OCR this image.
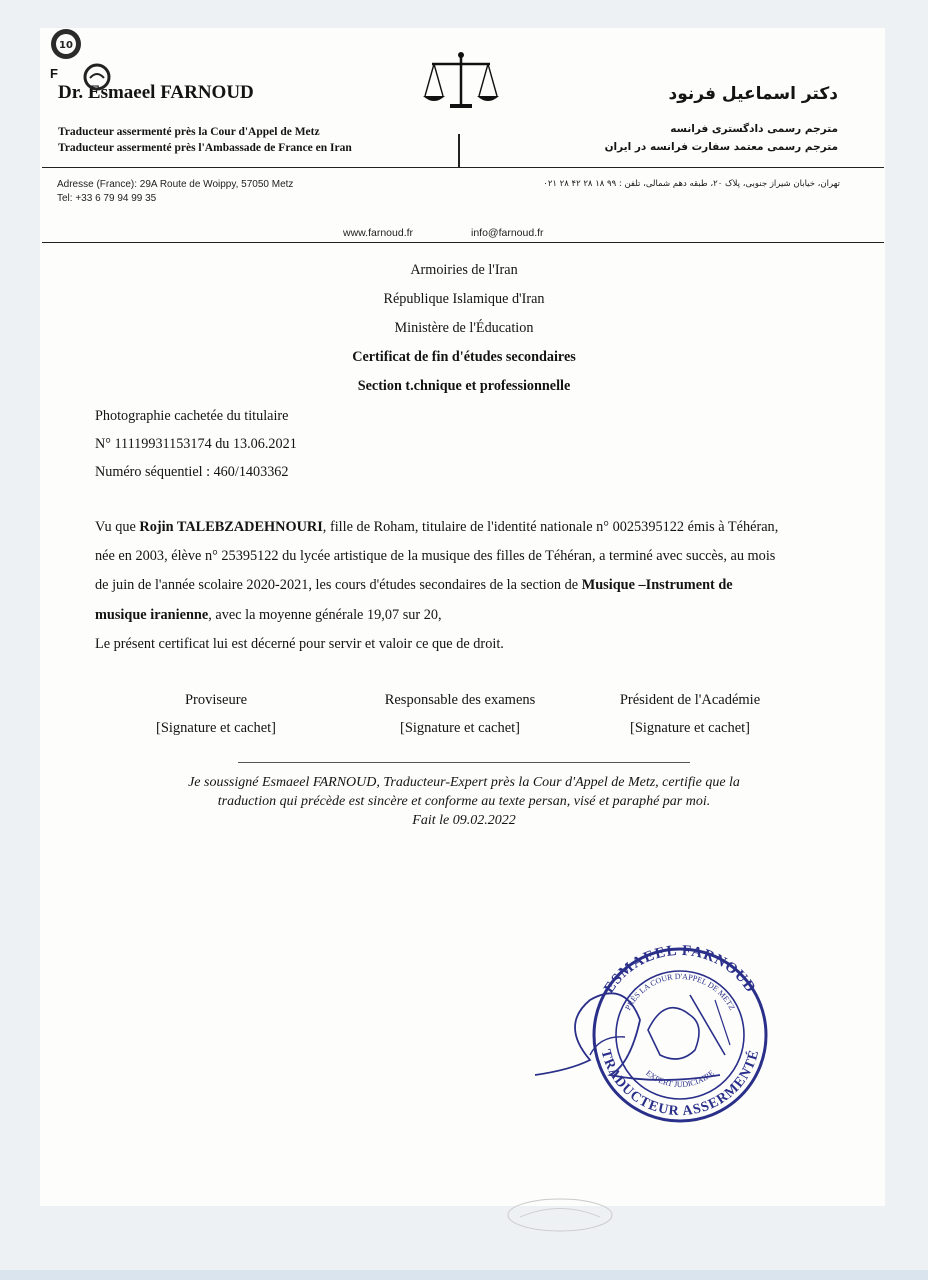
10
F
Dr. Esmaeel FARNOUD
Traducteur assermenté près la Cour d'Appel de Metz
Traducteur assermenté près l'Ambassade de France en Iran
دکتر اسماعیل فرنود
مترجم رسمی دادگستری فرانسه
مترجم رسمی معتمد سفارت فرانسه در ایران
Adresse (France): 29A Route de Woippy, 57050 Metz
Tel: +33 6 79 94 99 35
تهران، خیابان شیراز جنوبی، پلاک ۲۰، طبقه دهم شمالی، تلفن : ۹۹ ۱۸ ۲۸ ۴۲ ۲۸ ۰۲۱
www.farnoud.fr	info@farnoud.fr
Armoiries de l'Iran
République Islamique d'Iran
Ministère de l'Éducation
Certificat de fin d'études secondaires
Section t.chnique et professionnelle
Photographie cachetée du titulaire
N° 11119931153174 du 13.06.2021
Numéro séquentiel : 460/1403362

Vu que Rojin TALEBZADEHNOURI, fille de Roham, titulaire de l'identité nationale n° 0025395122 émis à Téhéran, née en 2003, élève n° 25395122 du lycée artistique de la musique des filles de Téhéran, a terminé avec succès, au mois de juin de l'année scolaire 2020-2021, les cours d'études secondaires de la section de Musique –Instrument de musique iranienne, avec la moyenne générale 19,07 sur 20,
Le présent certificat lui est décerné pour servir et valoir ce que de droit.

Proviseure
[Signature et cachet]
Responsable des examens
[Signature et cachet]
Président de l'Académie
[Signature et cachet]
Je soussigné Esmaeel FARNOUD, Traducteur-Expert près la Cour d'Appel de Metz, certifie que la
traduction qui précède est sincère et conforme au texte persan, visé et paraphé par moi.
Fait le 09.02.2022
ESMAEEL FARNOUD
TRADUCTEUR ASSERMENTÉ
PRÈS LA COUR D'APPEL DE METZ
EXPERT JUDICIAIRE
